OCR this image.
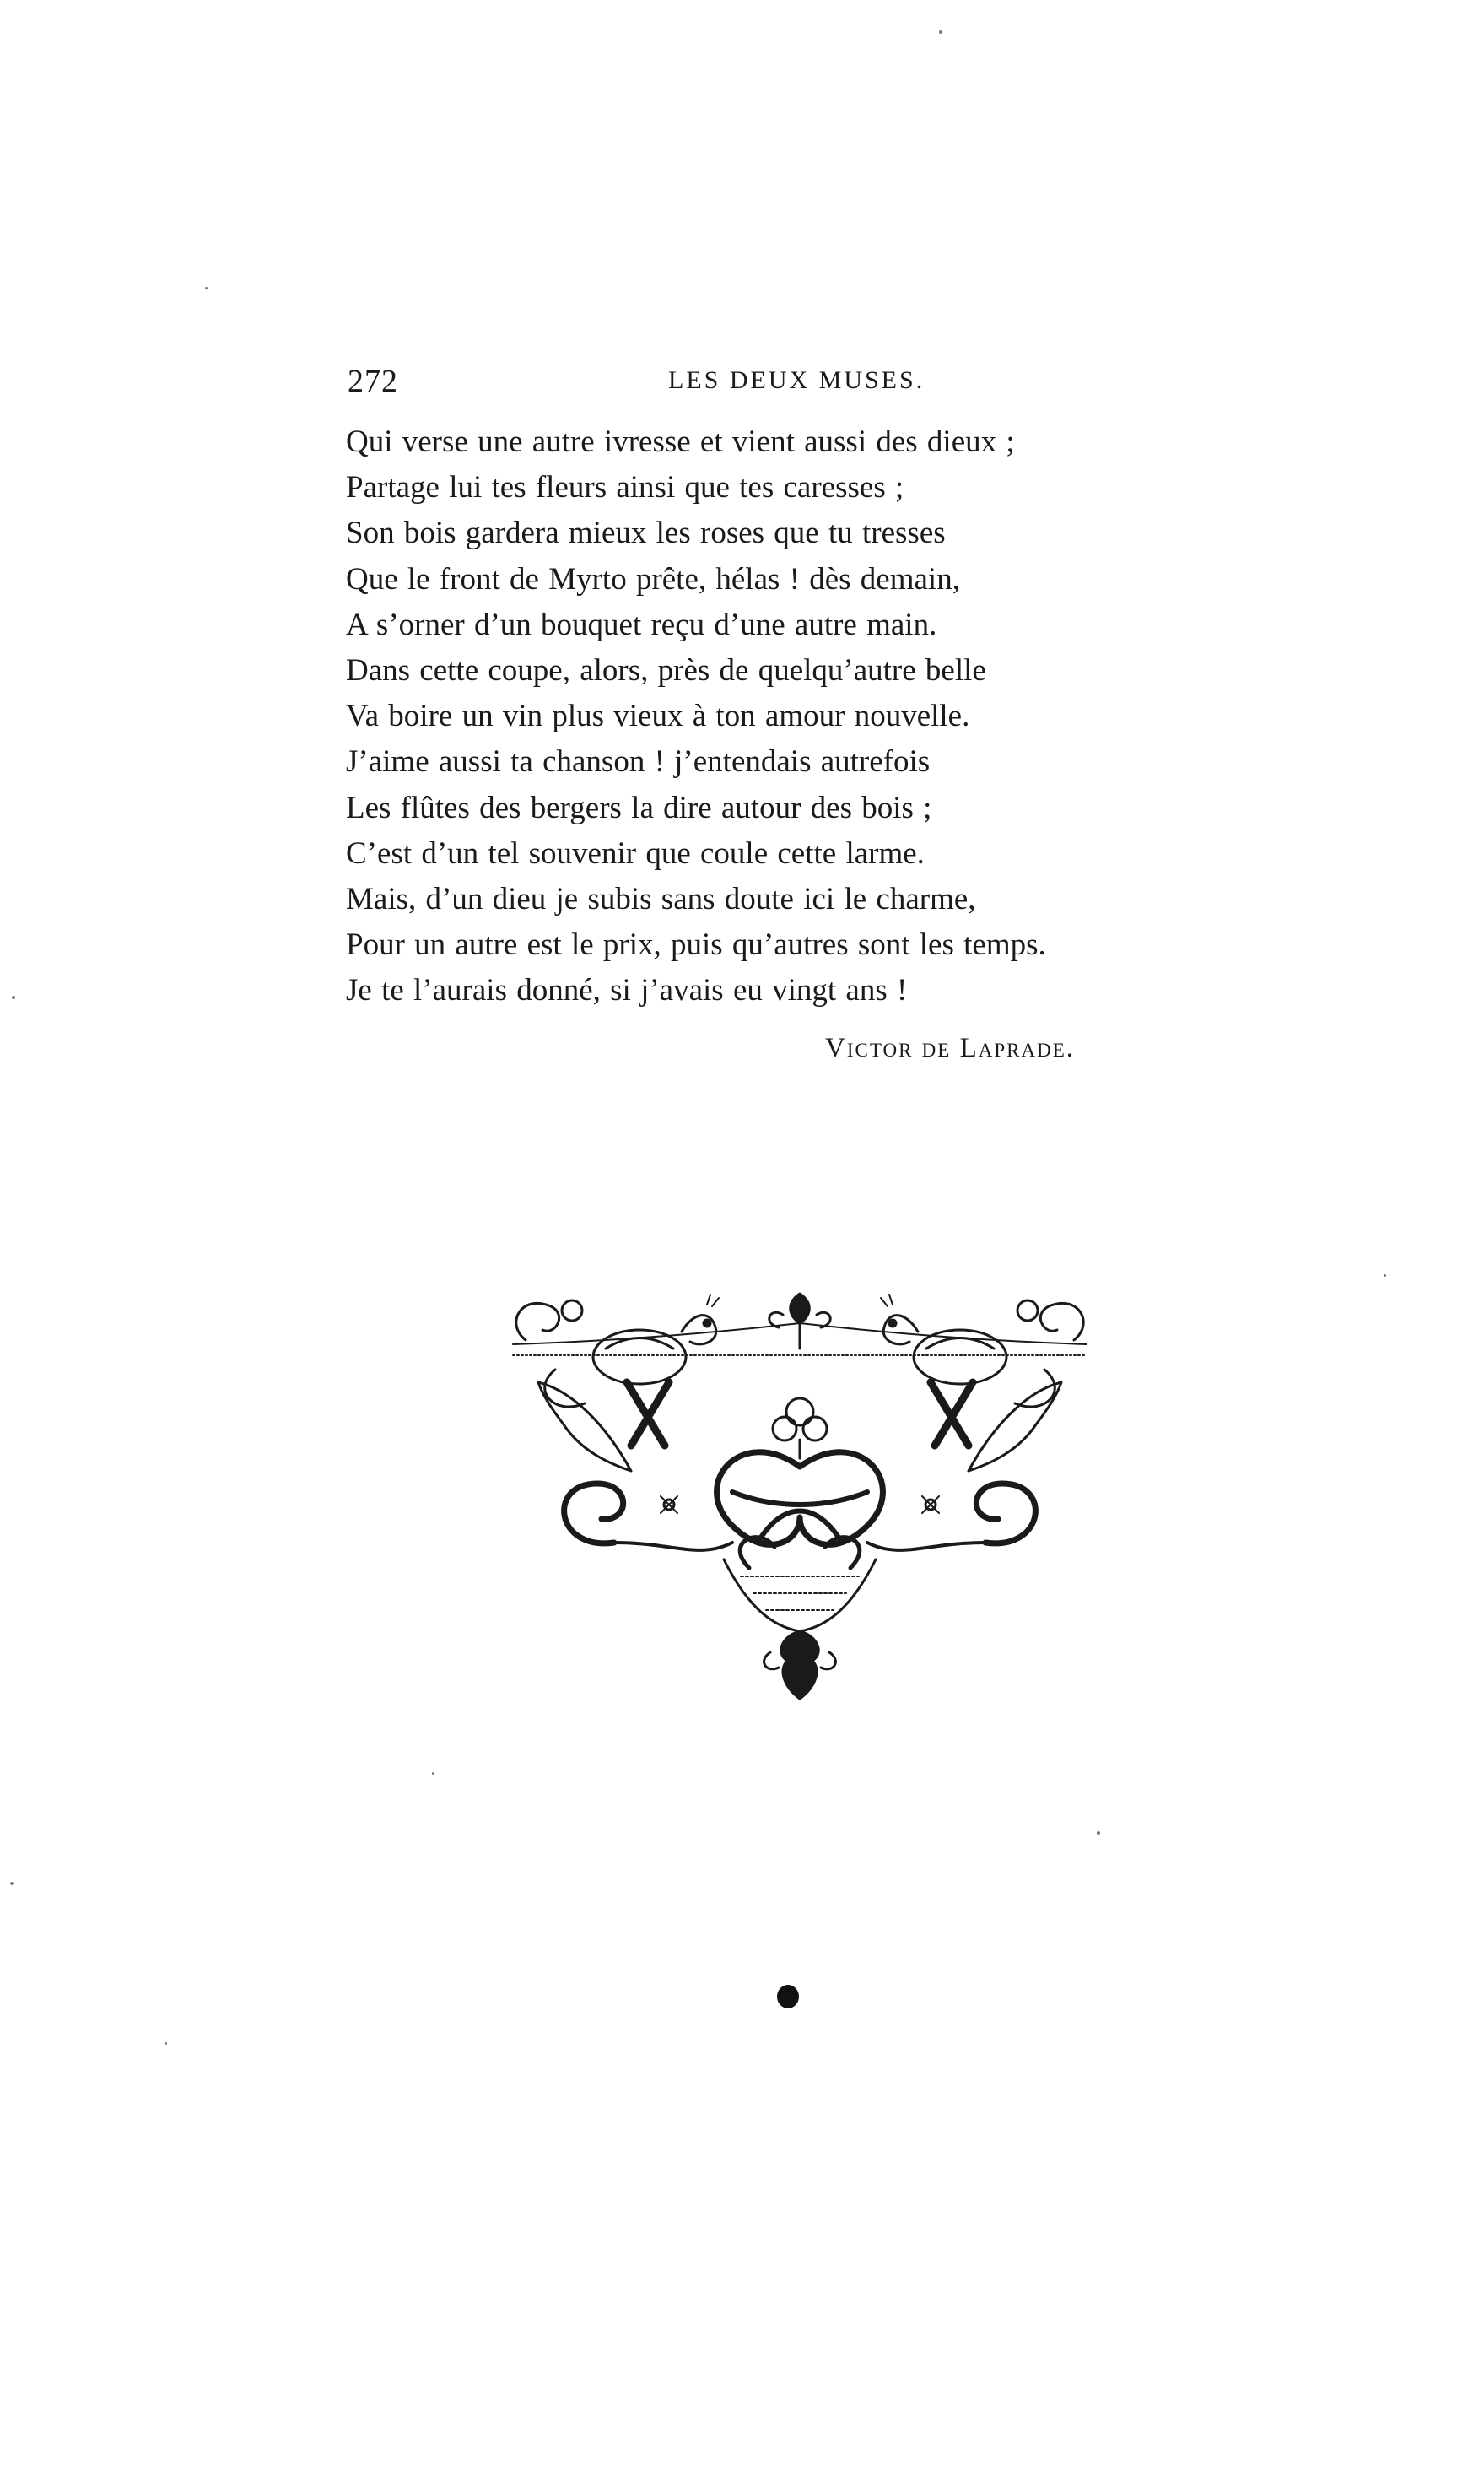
272	LES DEUX MUSES.
Qui verse une autre ivresse et vient aussi des dieux ;
Partage lui tes fleurs ainsi que tes caresses ;
Son bois gardera mieux les roses que tu tresses
Que le front de Myrto prête, hélas ! dès demain,
A s’orner d’un bouquet reçu d’une autre main.
Dans cette coupe, alors, près de quelqu’autre belle
Va boire un vin plus vieux à ton amour nouvelle.
J’aime aussi ta chanson ! j’entendais autrefois
Les flûtes des bergers la dire autour des bois ;
C’est d’un tel souvenir que coule cette larme.
Mais, d’un dieu je subis sans doute ici le charme,
Pour un autre est le prix, puis qu’autres sont les temps.
Je te l’aurais donné, si j’avais eu vingt ans !
Victor de Laprade.
